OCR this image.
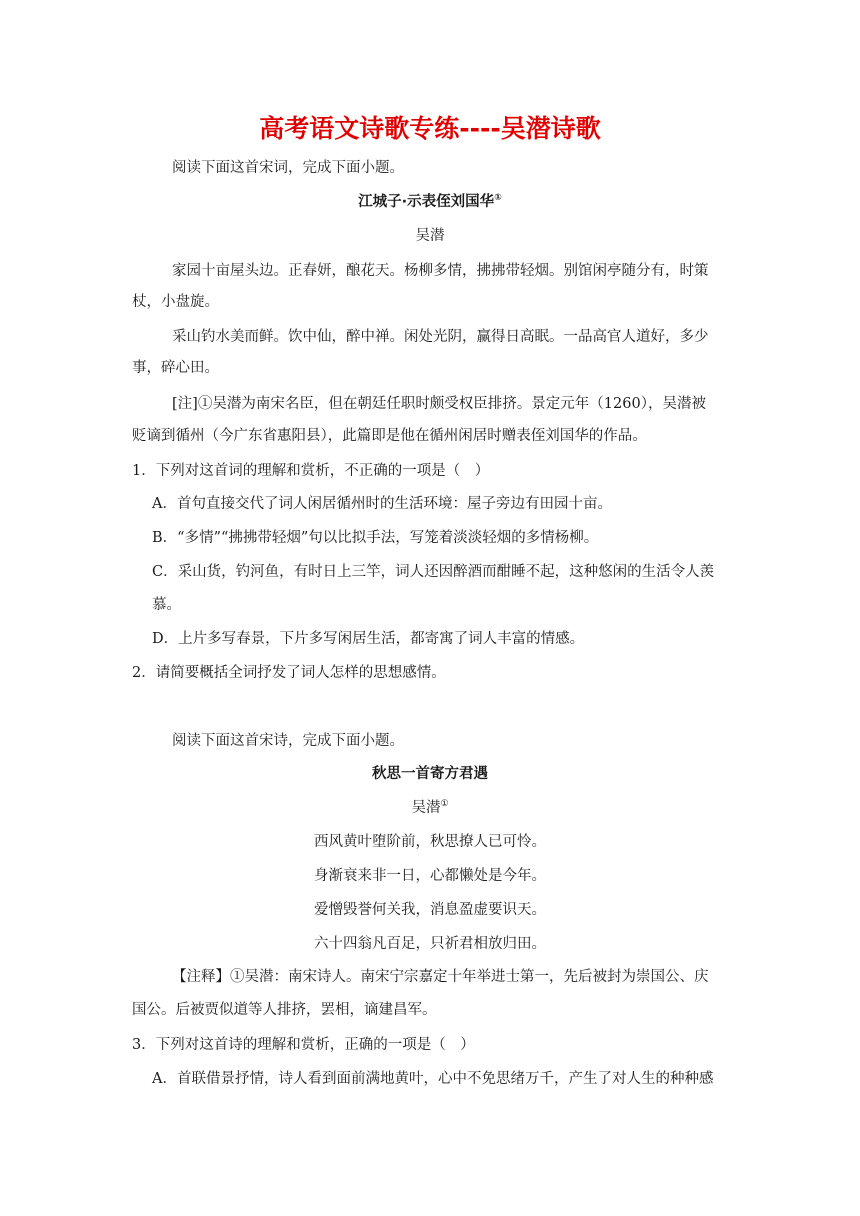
高考语文诗歌专练----吴潜诗歌
阅读下面这首宋词，完成下面小题。
江城子·示表侄刘国华①
吴潜
家园十亩屋头边。正春妍，酿花天。杨柳多情，拂拂带轻烟。别馆闲亭随分有，时策
杖，小盘旋。
采山钓水美而鲜。饮中仙，醉中禅。闲处光阴，赢得日高眠。一品高官人道好，多少
事，碎心田。
[注]①吴潜为南宋名臣，但在朝廷任职时颇受权臣排挤。景定元年（1260），吴潜被
贬谪到循州（今广东省惠阳县），此篇即是他在循州闲居时赠表侄刘国华的作品。
1．下列对这首词的理解和赏析，不正确的一项是（　）
A．首句直接交代了词人闲居循州时的生活环境：屋子旁边有田园十亩。
B．“多情”“拂拂带轻烟”句以比拟手法，写笼着淡淡轻烟的多情杨柳。
C．采山货，钓河鱼，有时日上三竿，词人还因醉酒而酣睡不起，这种悠闲的生活令人羡
慕。
D．上片多写春景，下片多写闲居生活，都寄寓了词人丰富的情感。
2．请简要概括全词抒发了词人怎样的思想感情。
阅读下面这首宋诗，完成下面小题。
秋思一首寄方君遇
吴潜①
西风黄叶堕阶前，秋思撩人已可怜。
身渐衰来非一日，心都懒处是今年。
爱憎毁誉何关我，消息盈虚要识天。
六十四翁凡百足，只祈君相放归田。
【注释】①吴潜：南宋诗人。南宋宁宗嘉定十年举进士第一，先后被封为崇国公、庆
国公。后被贾似道等人排挤，罢相，谪建昌军。
3．下列对这首诗的理解和赏析，正确的一项是（　）
A．首联借景抒情，诗人看到面前满地黄叶，心中不免思绪万千，产生了对人生的种种感
